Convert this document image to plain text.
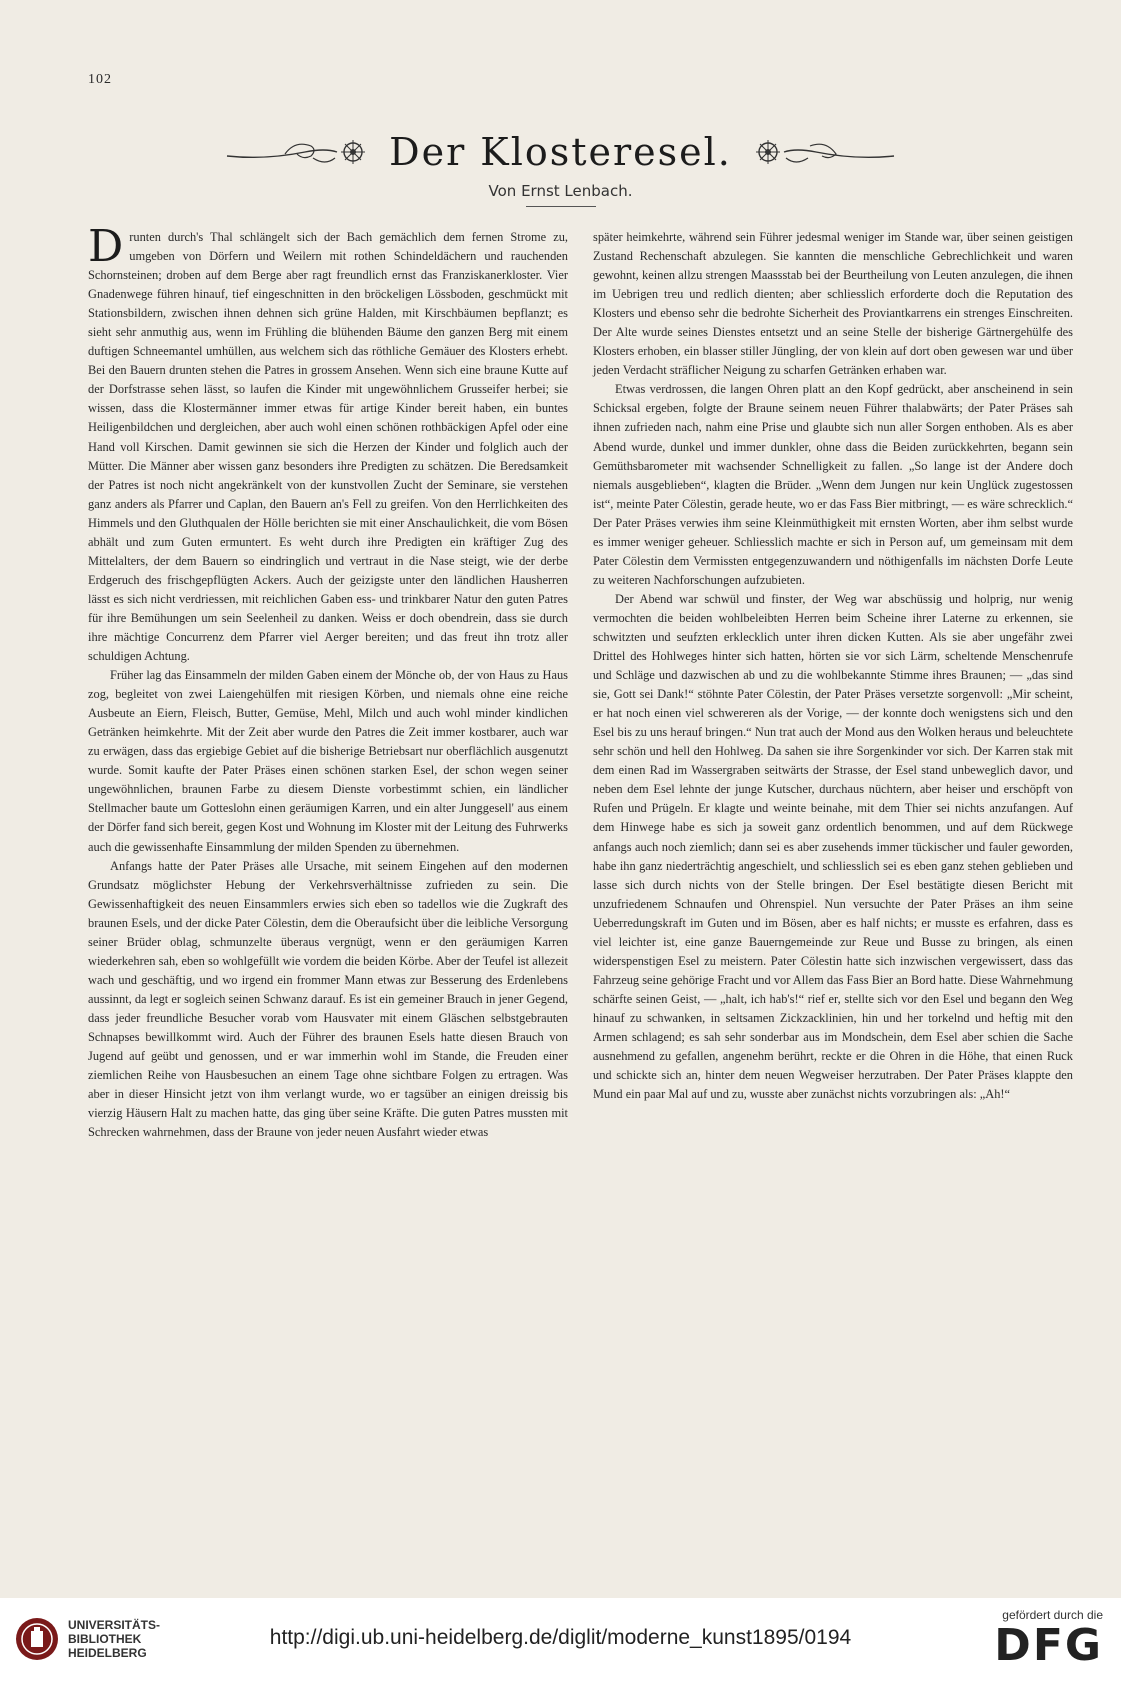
102
Der Klosteresel.
Von Ernst Lenbach.

Drunten durch's Thal schlängelt sich der Bach gemächlich dem fernen Strome zu, umgeben von Dörfern und Weilern mit rothen Schindeldächern und rauchenden Schornsteinen; droben auf dem Berge aber ragt freundlich ernst das Franziskanerkloster. Vier Gnadenwege führen hinauf, tief eingeschnitten in den bröckeligen Lössboden, geschmückt mit Stationsbildern, zwischen ihnen dehnen sich grüne Halden, mit Kirschbäumen bepflanzt; es sieht sehr anmuthig aus, wenn im Frühling die blühenden Bäume den ganzen Berg mit einem duftigen Schneemantel umhüllen, aus welchem sich das röthliche Gemäuer des Klosters erhebt. Bei den Bauern drunten stehen die Patres in grossem Ansehen. Wenn sich eine braune Kutte auf der Dorfstrasse sehen lässt, so laufen die Kinder mit ungewöhnlichem Grusseifer herbei; sie wissen, dass die Klostermänner immer etwas für artige Kinder bereit haben, ein buntes Heiligenbildchen und dergleichen, aber auch wohl einen schönen rothbäckigen Apfel oder eine Hand voll Kirschen. Damit gewinnen sie sich die Herzen der Kinder und folglich auch der Mütter. Die Männer aber wissen ganz besonders ihre Predigten zu schätzen. Die Beredsamkeit der Patres ist noch nicht angekränkelt von der kunstvollen Zucht der Seminare, sie verstehen ganz anders als Pfarrer und Caplan, den Bauern an's Fell zu greifen. Von den Herrlichkeiten des Himmels und den Gluthqualen der Hölle berichten sie mit einer Anschaulichkeit, die vom Bösen abhält und zum Guten ermuntert. Es weht durch ihre Predigten ein kräftiger Zug des Mittelalters, der dem Bauern so eindringlich und vertraut in die Nase steigt, wie der derbe Erdgeruch des frischgepflügten Ackers. Auch der geizigste unter den ländlichen Hausherren lässt es sich nicht verdriessen, mit reichlichen Gaben ess- und trinkbarer Natur den guten Patres für ihre Bemühungen um sein Seelenheil zu danken. Weiss er doch obendrein, dass sie durch ihre mächtige Concurrenz dem Pfarrer viel Aerger bereiten; und das freut ihn trotz aller schuldigen Achtung.

Früher lag das Einsammeln der milden Gaben einem der Mönche ob, der von Haus zu Haus zog, begleitet von zwei Laiengehülfen mit riesigen Körben, und niemals ohne eine reiche Ausbeute an Eiern, Fleisch, Butter, Gemüse, Mehl, Milch und auch wohl minder kindlichen Getränken heimkehrte. Mit der Zeit aber wurde den Patres die Zeit immer kostbarer, auch war zu erwägen, dass das ergiebige Gebiet auf die bisherige Betriebsart nur oberflächlich ausgenutzt wurde. Somit kaufte der Pater Präses einen schönen starken Esel, der schon wegen seiner ungewöhnlichen, braunen Farbe zu diesem Dienste vorbestimmt schien, ein ländlicher Stellmacher baute um Gotteslohn einen geräumigen Karren, und ein alter Junggesell' aus einem der Dörfer fand sich bereit, gegen Kost und Wohnung im Kloster mit der Leitung des Fuhrwerks auch die gewissenhafte Einsammlung der milden Spenden zu übernehmen.

Anfangs hatte der Pater Präses alle Ursache, mit seinem Eingehen auf den modernen Grundsatz möglichster Hebung der Verkehrsverhältnisse zufrieden zu sein. Die Gewissenhaftigkeit des neuen Einsammlers erwies sich eben so tadellos wie die Zugkraft des braunen Esels, und der dicke Pater Cölestin, dem die Oberaufsicht über die leibliche Versorgung seiner Brüder oblag, schmunzelte überaus vergnügt, wenn er den geräumigen Karren wiederkehren sah, eben so wohlgefüllt wie vordem die beiden Körbe. Aber der Teufel ist allezeit wach und geschäftig, und wo irgend ein frommer Mann etwas zur Besserung des Erdenlebens aussinnt, da legt er sogleich seinen Schwanz darauf. Es ist ein gemeiner Brauch in jener Gegend, dass jeder freundliche Besucher vorab vom Hausvater mit einem Gläschen selbstgebrauten Schnapses bewillkommt wird. Auch der Führer des braunen Esels hatte diesen Brauch von Jugend auf geübt und genossen, und er war immerhin wohl im Stande, die Freuden einer ziemlichen Reihe von Hausbesuchen an einem Tage ohne sichtbare Folgen zu ertragen. Was aber in dieser Hinsicht jetzt von ihm verlangt wurde, wo er tagsüber an einigen dreissig bis vierzig Häusern Halt zu machen hatte, das ging über seine Kräfte. Die guten Patres mussten mit Schrecken wahrnehmen, dass der Braune von jeder neuen Ausfahrt wieder etwas

später heimkehrte, während sein Führer jedesmal weniger im Stande war, über seinen geistigen Zustand Rechenschaft abzulegen. Sie kannten die menschliche Gebrechlichkeit und waren gewohnt, keinen allzu strengen Maassstab bei der Beurtheilung von Leuten anzulegen, die ihnen im Uebrigen treu und redlich dienten; aber schliesslich erforderte doch die Reputation des Klosters und ebenso sehr die bedrohte Sicherheit des Proviantkarrens ein strenges Einschreiten. Der Alte wurde seines Dienstes entsetzt und an seine Stelle der bisherige Gärtnergehülfe des Klosters erhoben, ein blasser stiller Jüngling, der von klein auf dort oben gewesen war und über jeden Verdacht sträflicher Neigung zu scharfen Getränken erhaben war.

Etwas verdrossen, die langen Ohren platt an den Kopf gedrückt, aber anscheinend in sein Schicksal ergeben, folgte der Braune seinem neuen Führer thalabwärts; der Pater Präses sah ihnen zufrieden nach, nahm eine Prise und glaubte sich nun aller Sorgen enthoben. Als es aber Abend wurde, dunkel und immer dunkler, ohne dass die Beiden zurückkehrten, begann sein Gemüthsbarometer mit wachsender Schnelligkeit zu fallen. „So lange ist der Andere doch niemals ausgeblieben“, klagten die Brüder. „Wenn dem Jungen nur kein Unglück zugestossen ist“, meinte Pater Cölestin, gerade heute, wo er das Fass Bier mitbringt, — es wäre schrecklich.“ Der Pater Präses verwies ihm seine Kleinmüthigkeit mit ernsten Worten, aber ihm selbst wurde es immer weniger geheuer. Schliesslich machte er sich in Person auf, um gemeinsam mit dem Pater Cölestin dem Vermissten entgegenzuwandern und nöthigenfalls im nächsten Dorfe Leute zu weiteren Nachforschungen aufzubieten.

Der Abend war schwül und finster, der Weg war abschüssig und holprig, nur wenig vermochten die beiden wohlbeleibten Herren beim Scheine ihrer Laterne zu erkennen, sie schwitzten und seufzten erklecklich unter ihren dicken Kutten. Als sie aber ungefähr zwei Drittel des Hohlweges hinter sich hatten, hörten sie vor sich Lärm, scheltende Menschenrufe und Schläge und dazwischen ab und zu die wohlbekannte Stimme ihres Braunen; — „das sind sie, Gott sei Dank!“ stöhnte Pater Cölestin, der Pater Präses versetzte sorgenvoll: „Mir scheint, er hat noch einen viel schwereren als der Vorige, — der konnte doch wenigstens sich und den Esel bis zu uns herauf bringen.“ Nun trat auch der Mond aus den Wolken heraus und beleuchtete sehr schön und hell den Hohlweg. Da sahen sie ihre Sorgenkinder vor sich. Der Karren stak mit dem einen Rad im Wassergraben seitwärts der Strasse, der Esel stand unbeweglich davor, und neben dem Esel lehnte der junge Kutscher, durchaus nüchtern, aber heiser und erschöpft von Rufen und Prügeln. Er klagte und weinte beinahe, mit dem Thier sei nichts anzufangen. Auf dem Hinwege habe es sich ja soweit ganz ordentlich benommen, und auf dem Rückwege anfangs auch noch ziemlich; dann sei es aber zusehends immer tückischer und fauler geworden, habe ihn ganz niederträchtig angeschielt, und schliesslich sei es eben ganz stehen geblieben und lasse sich durch nichts von der Stelle bringen. Der Esel bestätigte diesen Bericht mit unzufriedenem Schnaufen und Ohrenspiel. Nun versuchte der Pater Präses an ihm seine Ueberredungskraft im Guten und im Bösen, aber es half nichts; er musste es erfahren, dass es viel leichter ist, eine ganze Bauerngemeinde zur Reue und Busse zu bringen, als einen widerspenstigen Esel zu meistern. Pater Cölestin hatte sich inzwischen vergewissert, dass das Fahrzeug seine gehörige Fracht und vor Allem das Fass Bier an Bord hatte. Diese Wahrnehmung schärfte seinen Geist, — „halt, ich hab's!“ rief er, stellte sich vor den Esel und begann den Weg hinauf zu schwanken, in seltsamen Zickzacklinien, hin und her torkelnd und heftig mit den Armen schlagend; es sah sehr sonderbar aus im Mondschein, dem Esel aber schien die Sache ausnehmend zu gefallen, angenehm berührt, reckte er die Ohren in die Höhe, that einen Ruck und schickte sich an, hinter dem neuen Wegweiser herzutraben. Der Pater Präses klappte den Mund ein paar Mal auf und zu, wusste aber zunächst nichts vorzubringen als: „Ah!“

UNIVERSITÄTS-
BIBLIOTHEK
HEIDELBERG
http://digi.ub.uni-heidelberg.de/diglit/moderne_kunst1895/0194
gefördert durch die
DFG
